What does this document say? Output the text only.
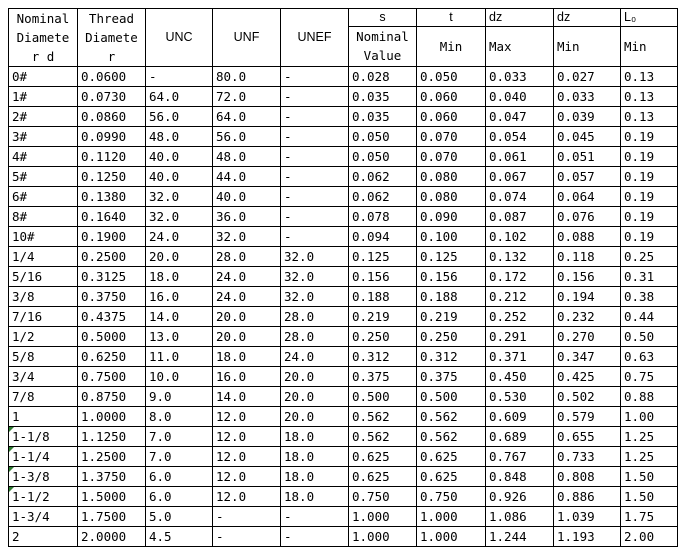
Nominal Diamete r d	Thread Diamete r	UNC	UNF	UNEF	s	t	dz	dz	L₀
					Nominal Value	Min	Max	Min	Min
0#	0.0600	-	80.0	-	0.028	0.050	0.033	0.027	0.13
1#	0.0730	64.0	72.0	-	0.035	0.060	0.040	0.033	0.13
2#	0.0860	56.0	64.0	-	0.035	0.060	0.047	0.039	0.13
3#	0.0990	48.0	56.0	-	0.050	0.070	0.054	0.045	0.19
4#	0.1120	40.0	48.0	-	0.050	0.070	0.061	0.051	0.19
5#	0.1250	40.0	44.0	-	0.062	0.080	0.067	0.057	0.19
6#	0.1380	32.0	40.0	-	0.062	0.080	0.074	0.064	0.19
8#	0.1640	32.0	36.0	-	0.078	0.090	0.087	0.076	0.19
10#	0.1900	24.0	32.0	-	0.094	0.100	0.102	0.088	0.19
1/4	0.2500	20.0	28.0	32.0	0.125	0.125	0.132	0.118	0.25
5/16	0.3125	18.0	24.0	32.0	0.156	0.156	0.172	0.156	0.31
3/8	0.3750	16.0	24.0	32.0	0.188	0.188	0.212	0.194	0.38
7/16	0.4375	14.0	20.0	28.0	0.219	0.219	0.252	0.232	0.44
1/2	0.5000	13.0	20.0	28.0	0.250	0.250	0.291	0.270	0.50
5/8	0.6250	11.0	18.0	24.0	0.312	0.312	0.371	0.347	0.63
3/4	0.7500	10.0	16.0	20.0	0.375	0.375	0.450	0.425	0.75
7/8	0.8750	9.0	14.0	20.0	0.500	0.500	0.530	0.502	0.88
1	1.0000	8.0	12.0	20.0	0.562	0.562	0.609	0.579	1.00
1-1/8	1.1250	7.0	12.0	18.0	0.562	0.562	0.689	0.655	1.25
1-1/4	1.2500	7.0	12.0	18.0	0.625	0.625	0.767	0.733	1.25
1-3/8	1.3750	6.0	12.0	18.0	0.625	0.625	0.848	0.808	1.50
1-1/2	1.5000	6.0	12.0	18.0	0.750	0.750	0.926	0.886	1.50
1-3/4	1.7500	5.0	-	-	1.000	1.000	1.086	1.039	1.75
2	2.0000	4.5	-	-	1.000	1.000	1.244	1.193	2.00
